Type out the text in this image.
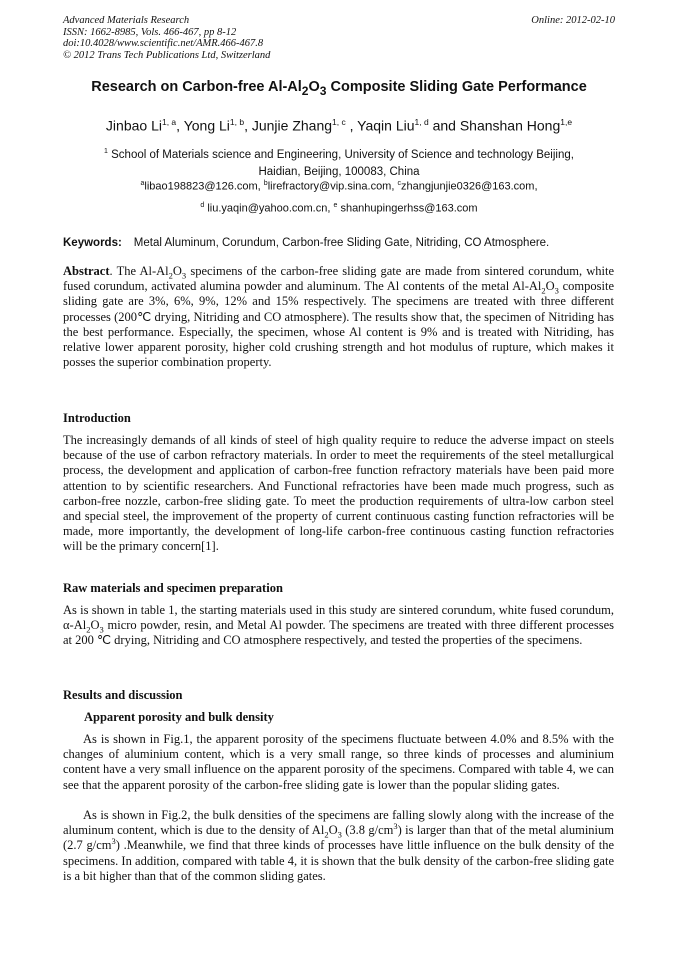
Advanced Materials Research
ISSN: 1662-8985, Vols. 466-467, pp 8-12
doi:10.4028/www.scientific.net/AMR.466-467.8
© 2012 Trans Tech Publications Ltd, Switzerland
Online: 2012-02-10
Research on Carbon-free $Al-Al_2O_3$ Composite Sliding Gate Performance
Jinbao Li$^{1, a}$, Yong Li$^{1, b}$, Junjie Zhang$^{1, c}$ , Yaqin Liu$^{1, d}$ and Shanshan Hong$^{1,e}$
$^1$ School of Materials science and Engineering, University of Science and technology Beijing,
Haidian, Beijing, 100083, China
$^a$libao198823@126.com, $^b$lirefractory@vip.sina.com, $^c$zhangjunjie0326@163.com,
$^d$ liu.yaqin@yahoo.com.cn, $^e$ shanhupingerhss@163.com
Keywords: Metal Aluminum, Corundum, Carbon-free Sliding Gate, Nitriding, CO Atmosphere.

Abstract. The $Al-Al_2O_3$ specimens of the carbon-free sliding gate are made from sintered corundum, white fused corundum, activated alumina powder and aluminum. The Al contents of the metal $Al-Al_2O_3$ composite sliding gate are 3%, 6%, 9%, 12% and 15% respectively. The specimens are treated with three different processes (200℃ drying, Nitriding and CO atmosphere). The results show that, the specimen of Nitriding has the best performance. Especially, the specimen, whose Al content is 9% and is treated with Nitriding, has relative lower apparent porosity, higher cold crushing strength and hot modulus of rupture, which makes it posses the superior combination property.

Introduction

The increasingly demands of all kinds of steel of high quality require to reduce the adverse impact on steels because of the use of carbon refractory materials. In order to meet the requirements of the steel metallurgical process, the development and application of carbon-free function refractory materials have been paid more attention to by scientific researchers. And Functional refractories have been made much progress, such as carbon-free nozzle, carbon-free sliding gate. To meet the production requirements of ultra-low carbon steel and special steel, the improvement of the property of current continuous casting function refractories will be made, more importantly, the development of long-life carbon-free continuous casting function refractories will be the primary concern[1].

Raw materials and specimen preparation

As is shown in table 1, the starting materials used in this study are sintered corundum, white fused corundum, $\alpha-Al_2O_3$ micro powder, resin, and Metal Al powder. The specimens are treated with three different processes at 200 ℃ drying, Nitriding and CO atmosphere respectively, and tested the properties of the specimens.

Results and discussion
Apparent porosity and bulk density

As is shown in Fig.1, the apparent porosity of the specimens fluctuate between 4.0% and 8.5% with the changes of aluminium content, which is a very small range, so three kinds of processes and aluminium content have a very small influence on the apparent porosity of the specimens. Compared with table 4, we can see that the apparent porosity of the carbon-free sliding gate is lower than the popular sliding gates.

As is shown in Fig.2, the bulk densities of the specimens are falling slowly along with the increase of the aluminum content, which is due to the density of $Al_2O_3$ (3.8 $g/cm^3$) is larger than that of the metal aluminium (2.7 $g/cm^3$) .Meanwhile, we find that three kinds of processes have little influence on the bulk density of the specimens. In addition, compared with table 4, it is shown that the bulk density of the carbon-free sliding gate is a bit higher than that of the common sliding gates.
